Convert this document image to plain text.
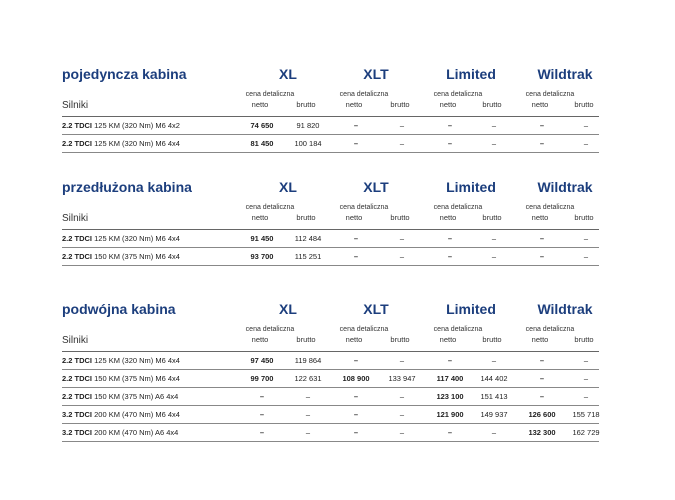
pojedyncza kabina	XL	XLT	Limited	Wildtrak
Silniki
cena detaliczna	cena detaliczna	cena detaliczna	cena detaliczna
netto	brutto	netto	brutto	netto	brutto	netto	brutto
2.2 TDCI 125 KM (320 Nm) M6 4x2	74 650	91 820	–	–	–	–	–	–
2.2 TDCI 125 KM (320 Nm) M6 4x4	81 450	100 184	–	–	–	–	–	–
przedłużona kabina	XL	XLT	Limited	Wildtrak
Silniki
cena detaliczna	cena detaliczna	cena detaliczna	cena detaliczna
netto	brutto	netto	brutto	netto	brutto	netto	brutto
2.2 TDCI 125 KM (320 Nm) M6 4x4	91 450	112 484	–	–	–	–	–	–
2.2 TDCI 150 KM (375 Nm) M6 4x4	93 700	115 251	–	–	–	–	–	–
podwójna kabina	XL	XLT	Limited	Wildtrak
Silniki
cena detaliczna	cena detaliczna	cena detaliczna	cena detaliczna
netto	brutto	netto	brutto	netto	brutto	netto	brutto
2.2 TDCI 125 KM (320 Nm) M6 4x4	97 450	119 864	–	–	–	–	–	–
2.2 TDCI 150 KM (375 Nm) M6 4x4	99 700	122 631	108 900	133 947	117 400	144 402	–	–
2.2 TDCI 150 KM (375 Nm) A6 4x4	–	–	–	–	123 100	151 413	–	–
3.2 TDCI 200 KM (470 Nm) M6 4x4	–	–	–	–	121 900	149 937	126 600	155 718
3.2 TDCI 200 KM (470 Nm) A6 4x4	–	–	–	–	–	–	132 300	162 729
